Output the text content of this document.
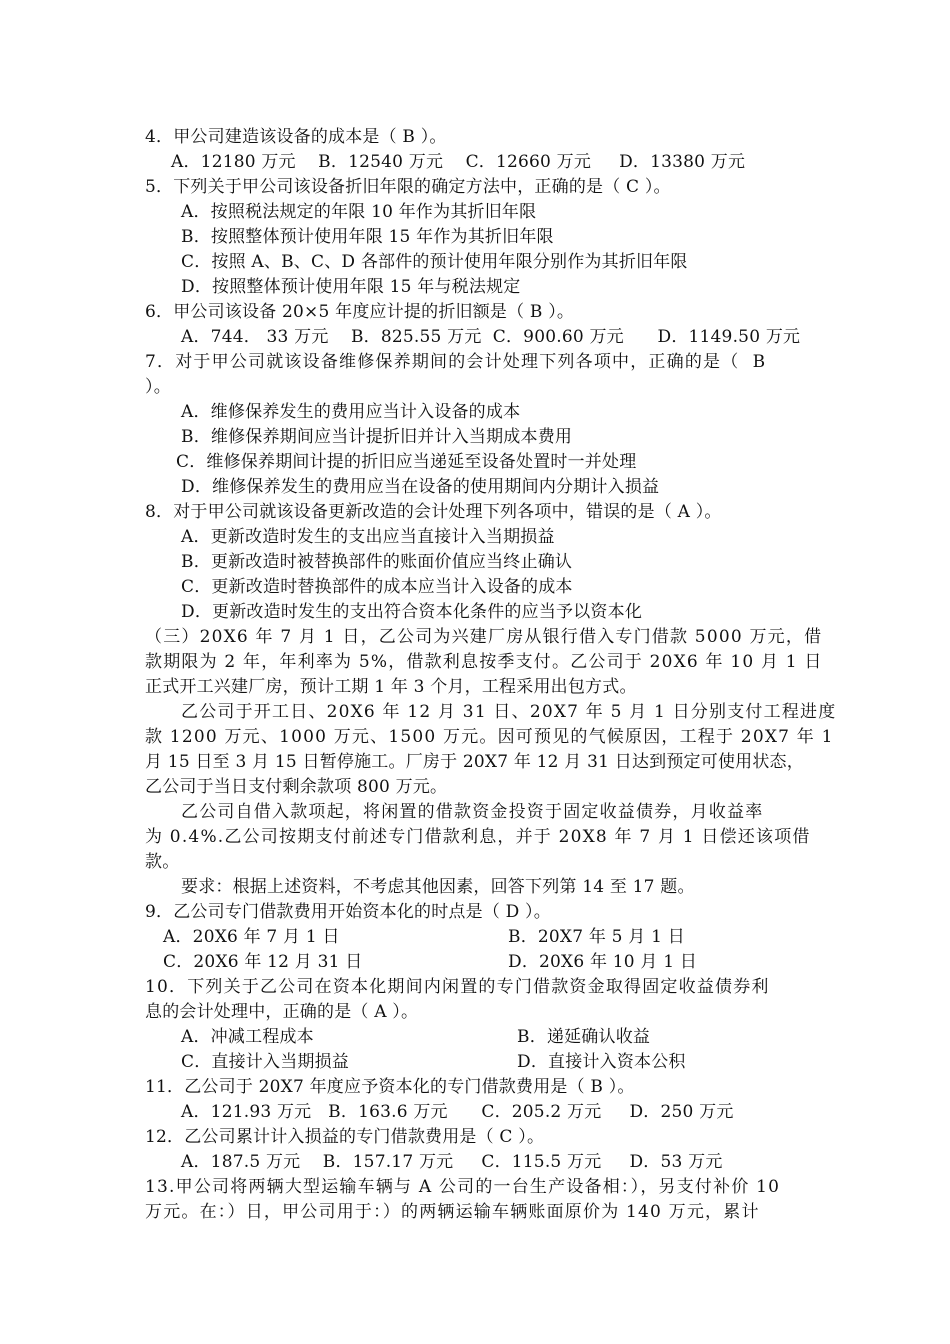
4．甲公司建造该设备的成本是（ B ）。
A．12180 万元    B．12540 万元    C．12660 万元     D．13380 万元
5．下列关于甲公司该设备折旧年限的确定方法中，正确的是（ C ）。
A．按照税法规定的年限 10 年作为其折旧年限
B．按照整体预计使用年限 15 年作为其折旧年限
C．按照 A、B、C、D 各部件的预计使用年限分别作为其折旧年限
D．按照整体预计使用年限 15 年与税法规定
6．甲公司该设备 20×5 年度应计提的折旧额是（ B ）。
A．744． 33 万元    B．825.55 万元  C．900.60 万元      D．1149.50 万元
7．对于甲公司就该设备维修保养期间的会计处理下列各项中，正确的是（  B
）。
A．维修保养发生的费用应当计入设备的成本
B．维修保养期间应当计提折旧并计入当期成本费用
C．维修保养期间计提的折旧应当递延至设备处置时一并处理
D．维修保养发生的费用应当在设备的使用期间内分期计入损益
8．对于甲公司就该设备更新改造的会计处理下列各项中，错误的是（ A ）。
A．更新改造时发生的支出应当直接计入当期损益
B．更新改造时被替换部件的账面价值应当终止确认
C．更新改造时替换部件的成本应当计入设备的成本
D．更新改造时发生的支出符合资本化条件的应当予以资本化
（三）20X6 年 7 月 1 日，乙公司为兴建厂房从银行借入专门借款 5000 万元，借
款期限为 2 年，年利率为 5%，借款利息按季支付。乙公司于 20X6 年 10 月 1 日
正式开工兴建厂房，预计工期 1 年 3 个月，工程采用出包方式。
乙公司于开工日、20X6 年 12 月 31 日、20X7 年 5 月 1 日分别支付工程进度
款 1200 万元、1000 万元、1500 万元。因可预见的气候原因，工程于 20X7 年 1
月 15 日至 3 月 15 日暂停施工。厂房于 20X7 年 12 月 31 日达到预定可使用状态，
乙公司于当日支付剩余款项 800 万元。
乙公司自借入款项起，将闲置的借款资金投资于固定收益债券，月收益率
为 0.4%.乙公司按期支付前述专门借款利息，并于 20X8 年 7 月 1 日偿还该项借
款。
要求：根据上述资料，不考虑其他因素，回答下列第 14 至 17 题。
9．乙公司专门借款费用开始资本化的时点是（ D ）。
A．20X6 年 7 月 1 日	B．20X7 年 5 月 1 日
C．20X6 年 12 月 31 日	D．20X6 年 10 月 1 日
10．下列关于乙公司在资本化期间内闲置的专门借款资金取得固定收益债券利
息的会计处理中，正确的是（ A ）。
A．冲减工程成本	B．递延确认收益
C．直接计入当期损益	D．直接计入资本公积
11．乙公司于 20X7 年度应予资本化的专门借款费用是（ B ）。
A．121.93 万元   B．163.6 万元      C．205.2 万元     D．250 万元
12．乙公司累计计入损益的专门借款费用是（ C ）。
A．187.5 万元    B．157.17 万元     C．115.5 万元     D．53 万元
13.甲公司将两辆大型运输车辆与 A 公司的一台生产设备相：），另支付补价 10
万元。在：）日，甲公司用于：）的两辆运输车辆账面原价为 140 万元，累计
